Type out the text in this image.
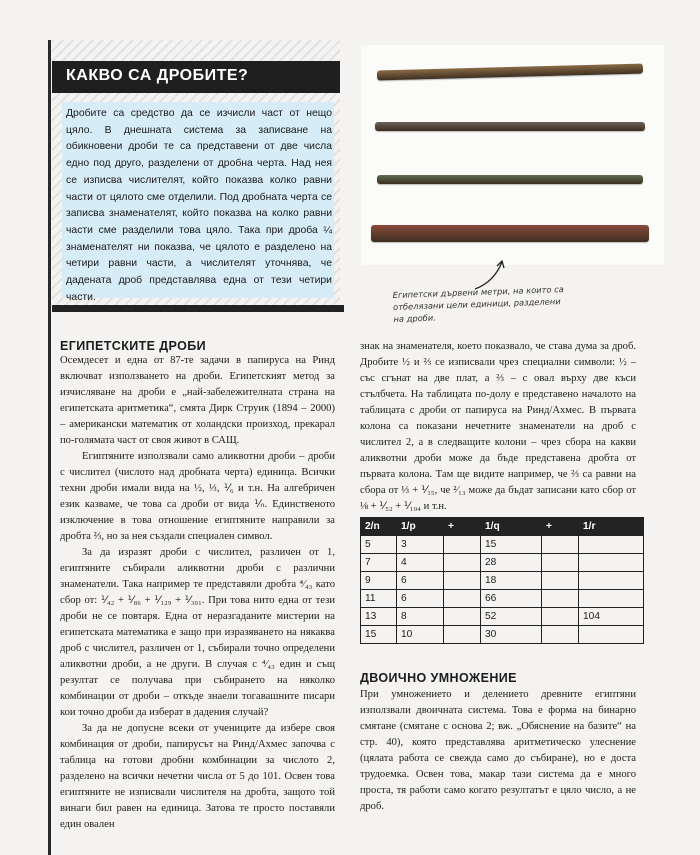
КАКВО СА ДРОБИТЕ?
Дробите са средство да се изчисли част от нещо цяло. В днешната система за записване на обикновени дроби те са представени от две числа едно под друго, разделени от дробна черта. Над нея се изписва числителят, който показва колко равни части от цялото сме отделили. Под дробната черта се записва знаменателят, който показва на колко равни части сме разделили това цяло. Така при дроба ¼ знаменателят ни показва, че цялото е разделено на четири равни части, а числителят уточнява, че дадената дроб представлява една от тези четири части.	Египетски дървени метри, на които са отбелязани цели единици, разделени на дроби.
ЕГИПЕТСКИТЕ ДРОБИ

Осемдесет и една от 87-те задачи в папируса на Ринд включват използването на дроби. Египетският метод за изчисляване на дроби е „най-забележителната страна на египетската аритметика“, смята Дирк Струик (1894 – 2000) – американски математик от холандски произход, прекарал по-голямата част от своя живот в САЩ.

Египтяните използвали само аликвотни дроби – дроби с числител (числото над дробната черта) единица. Всички техни дроби имали вида на ½, ⅓, ⅟₆ и т.н. На алгебричен език казваме, че това са дроби от вида ⅟ₙ. Единственото изключение в това отношение египтяните направили за дробта ⅔, но за нея създали специален символ.

За да изразят дроби с числител, различен от 1, египтяните събирали аликвотни дроби с различни знаменатели. Така например те представяли дробта ⁴⁄₄₃ като сбор от: ⅟₄₂ + ⅟₈₆ + ⅟₁₂₉ + ⅟₃₀₁. При това нито една от тези дроби не се повтаря. Една от неразгаданите мистерии на египетската математика е защо при изразяването на някаква дроб с числител, различен от 1, събирали точно определени аликвотни дроби, а не други. В случая с ⁴⁄₄₃ един и същ резултат се получава при събирането на няколко комбинации от дроби – откъде знаели тогавашните писари кои точно дроби да изберат в дадения случай?

За да не допусне всеки от учениците да избере своя комбинация от дроби, папирусът на Ринд/Ахмес започва с таблица на готови дробни комбинации за числото 2, разделено на всички нечетни числа от 5 до 101. Освен това египтяните не изписвали числителя на дробта, защото той винаги бил равен на единица. Затова те просто поставяли един овален

знак на знаменателя, което показвало, че става дума за дроб. Дробите ½ и ⅔ се изписвали чрез специални символи: ½ – със сгънат на две плат, а ⅔ – с овал върху две къси стълбчета. На таблицата по-долу е представено началото на таблицата с дроби от папируса на Ринд/Ахмес. В първата колона са показани нечетните знаменатели на дроб с числител 2, а в следващите колони – чрез сбора на какви аликвотни дроби може да бъде представена дробта от първата колона. Там ще видите например, че ⅔ са равни на сбора от ⅓ + ⅟₁₅, че ²⁄₁₃ може да бъдат записани като сбор от ⅛ + ⅟₅₂ + ⅟₁₀₄ и т.н.

2/n	1/p	+	1/q	+	1/r
5	3		15		
7	4		28		
9	6		18		
11	6		66		
13	8		52		104
15	10		30		
ДВОИЧНО УМНОЖЕНИЕ

При умножението и делението древните египтяни използвали двоичната система. Това е форма на бинарно смятане (смятане с основа 2; вж. „Обяснение на базите“ на стр. 40), която представлява аритметическо улеснение (цялата работа се свежда само до събиране), но е доста трудоемка. Освен това, макар тази система да е много проста, тя работи само когато резултатът е цяло число, а не дроб.
